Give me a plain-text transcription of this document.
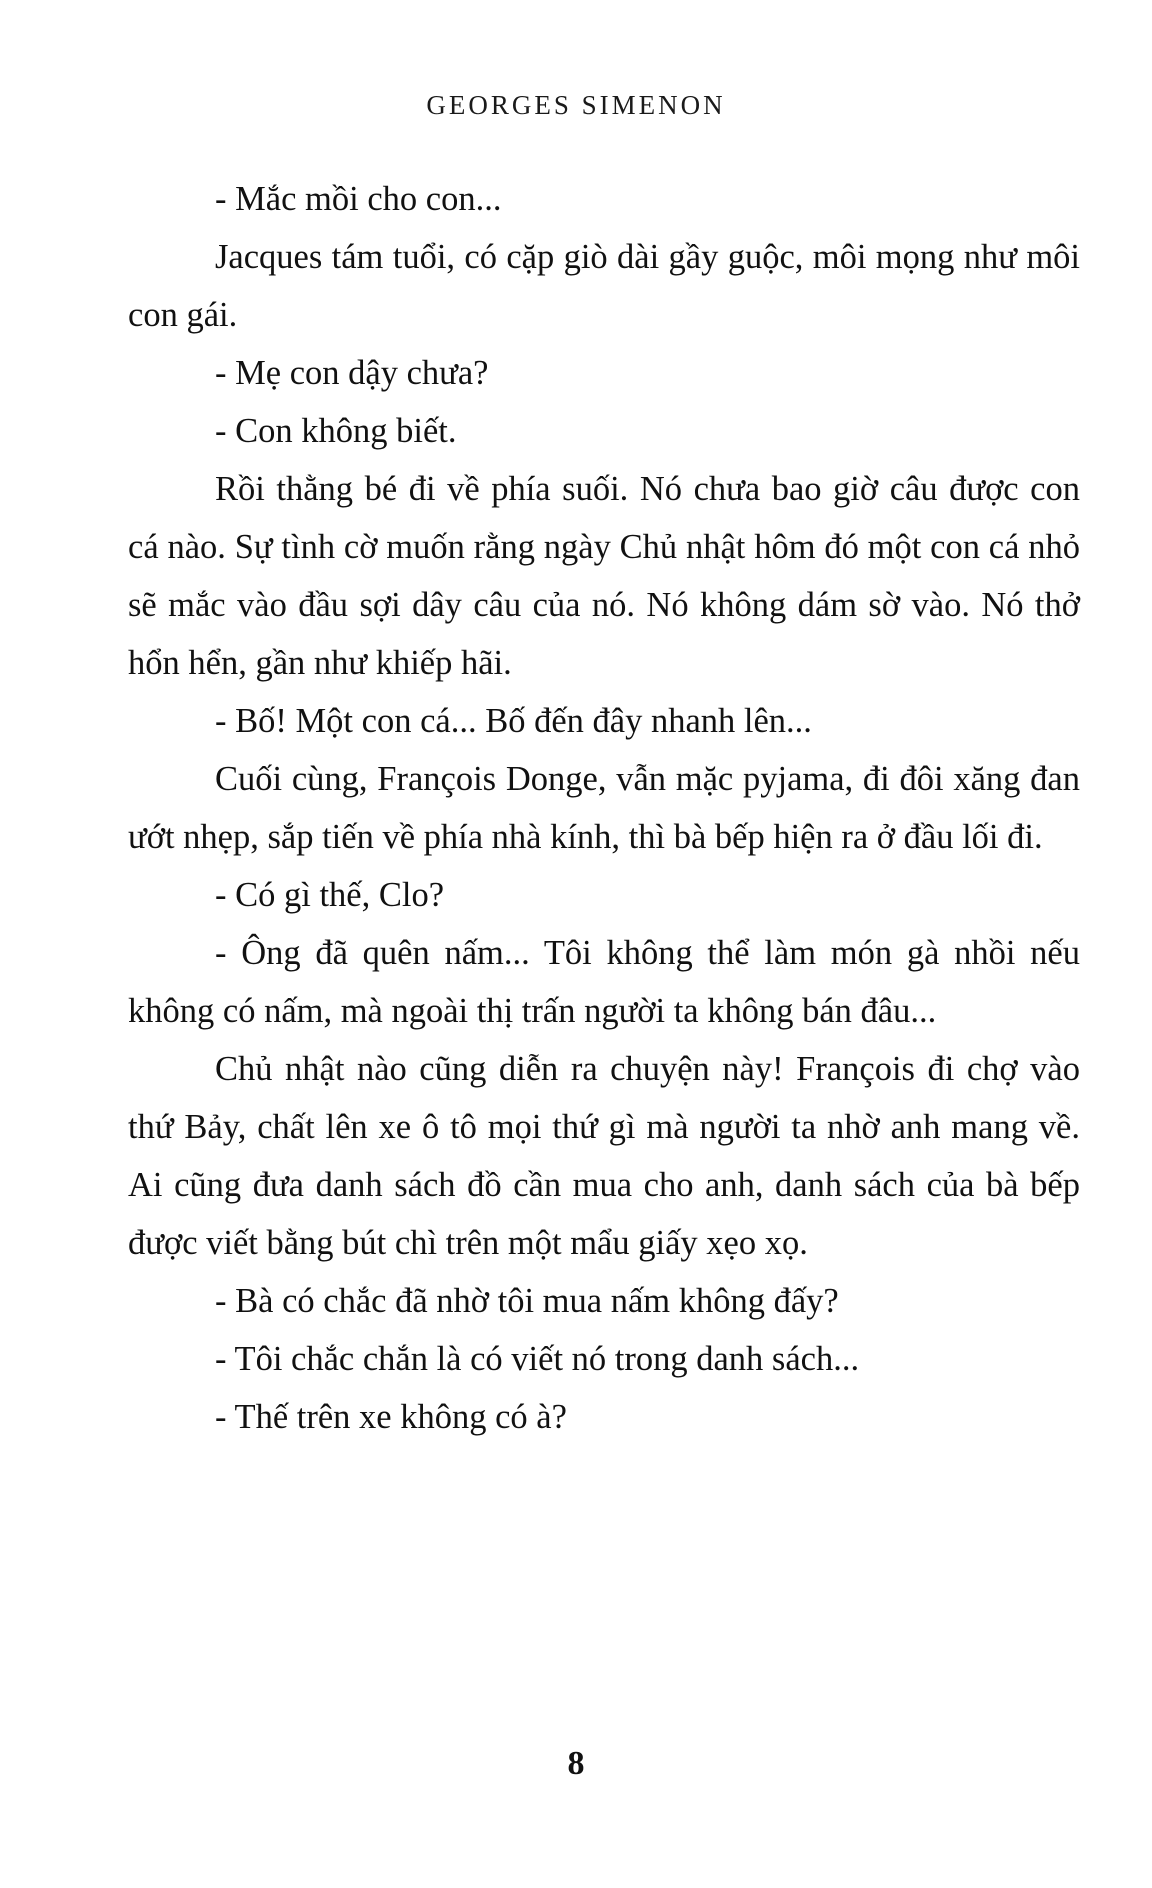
GEORGES SIMENON

- Mắc mồi cho con...

Jacques tám tuổi, có cặp giò dài gầy guộc, môi mọng như môi con gái.

- Mẹ con dậy chưa?

- Con không biết.

Rồi thằng bé đi về phía suối. Nó chưa bao giờ câu được con cá nào. Sự tình cờ muốn rằng ngày Chủ nhật hôm đó một con cá nhỏ sẽ mắc vào đầu sợi dây câu của nó. Nó không dám sờ vào. Nó thở hổn hển, gần như khiếp hãi.

- Bố! Một con cá... Bố đến đây nhanh lên...

Cuối cùng, François Donge, vẫn mặc pyjama, đi đôi xăng đan ướt nhẹp, sắp tiến về phía nhà kính, thì bà bếp hiện ra ở đầu lối đi.

- Có gì thế, Clo?

- Ông đã quên nấm... Tôi không thể làm món gà nhồi nếu không có nấm, mà ngoài thị trấn người ta không bán đâu...

Chủ nhật nào cũng diễn ra chuyện này! François đi chợ vào thứ Bảy, chất lên xe ô tô mọi thứ gì mà người ta nhờ anh mang về. Ai cũng đưa danh sách đồ cần mua cho anh, danh sách của bà bếp được viết bằng bút chì trên một mẩu giấy xẹo xọ.

- Bà có chắc đã nhờ tôi mua nấm không đấy?

- Tôi chắc chắn là có viết nó trong danh sách...

- Thế trên xe không có à?

8
